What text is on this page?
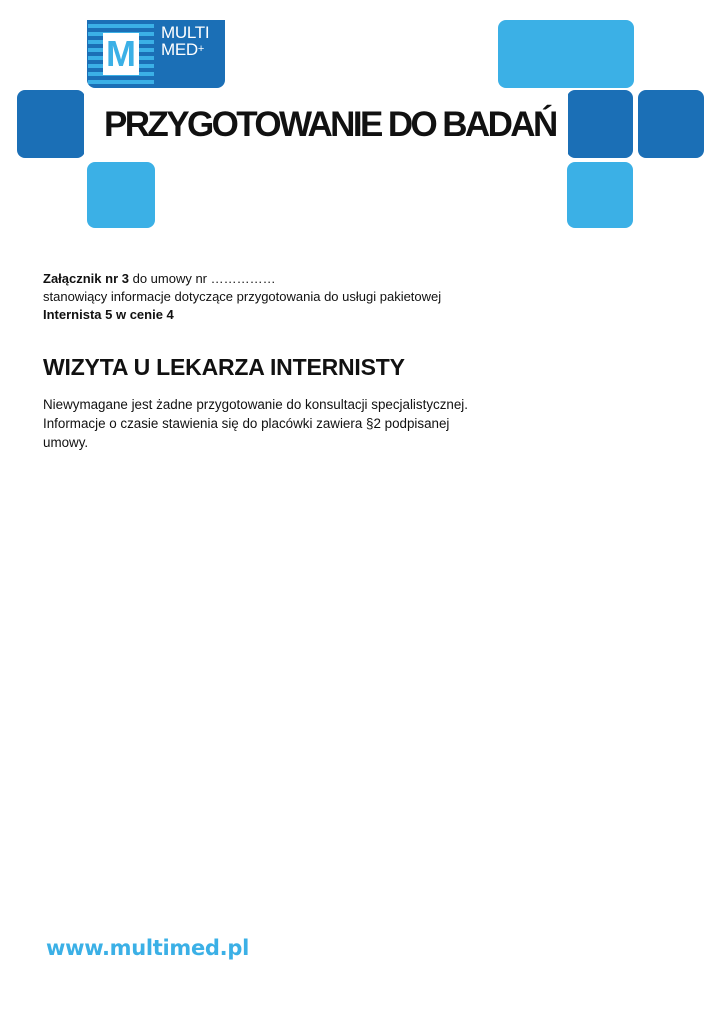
PRZYGOTOWANIE DO BADAŃ
M
MULTI
MED+

Załącznik nr 3 do umowy nr ……………

stanowiący informacje dotyczące przygotowania do usługi pakietowej

Internista 5 w cenie 4

WIZYTA U LEKARZA INTERNISTY

Niewymagane jest żadne przygotowanie do konsultacji specjalistycznej. Informacje o czasie stawienia się do placówki zawiera §2 podpisanej umowy.

www.multimed.pl
